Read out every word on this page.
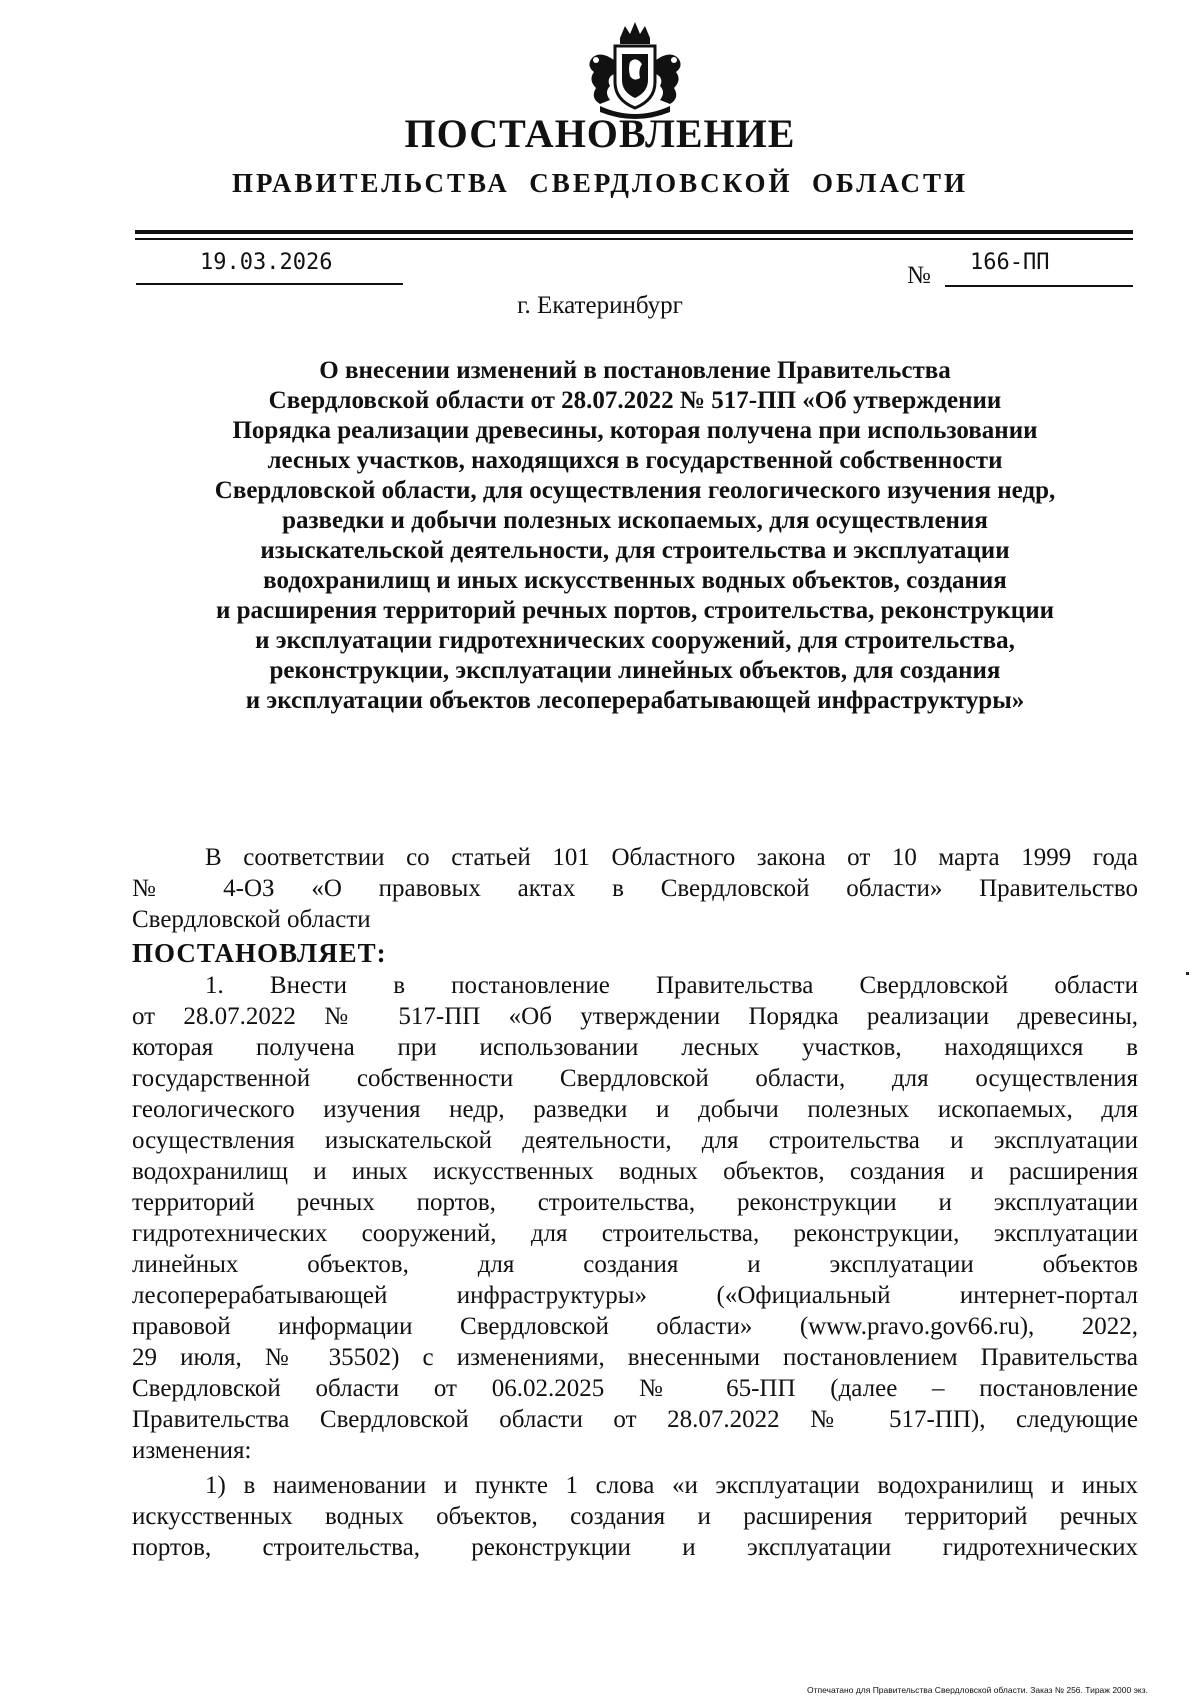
ПОСТАНОВЛЕНИЕ
ПРАВИТЕЛЬСТВА  СВЕРДЛОВСКОЙ  ОБЛАСТИ
19.03.2026	№ 166-ПП
г. Екатеринбург
О внесении изменений в постановление Правительства
Свердловской области от 28.07.2022 № 517-ПП «Об утверждении
Порядка реализации древесины, которая получена при использовании
лесных участков, находящихся в государственной собственности
Свердловской области, для осуществления геологического изучения недр,
разведки и добычи полезных ископаемых, для осуществления
изыскательской деятельности, для строительства и эксплуатации
водохранилищ и иных искусственных водных объектов, создания
и расширения территорий речных портов, строительства, реконструкции
и эксплуатации гидротехнических сооружений, для строительства,
реконструкции, эксплуатации линейных объектов, для создания
и эксплуатации объектов лесоперерабатывающей инфраструктуры»
В соответствии со статьей 101 Областного закона от 10 марта 1999 года
№ 4-ОЗ «О правовых актах в Свердловской области» Правительство
Свердловской области
ПОСТАНОВЛЯЕТ:
1. Внести в постановление Правительства Свердловской области
от 28.07.2022 № 517-ПП «Об утверждении Порядка реализации древесины,
которая получена при использовании лесных участков, находящихся в
государственной собственности Свердловской области, для осуществления
геологического изучения недр, разведки и добычи полезных ископаемых, для
осуществления изыскательской деятельности, для строительства и эксплуатации
водохранилищ и иных искусственных водных объектов, создания и расширения
территорий речных портов, строительства, реконструкции и эксплуатации
гидротехнических сооружений, для строительства, реконструкции, эксплуатации
линейных объектов, для создания и эксплуатации объектов
лесоперерабатывающей инфраструктуры» («Официальный интернет-портал
правовой информации Свердловской области» (www.pravo.gov66.ru), 2022,
29 июля, № 35502) с изменениями, внесенными постановлением Правительства
Свердловской области от 06.02.2025 № 65-ПП (далее – постановление
Правительства Свердловской области от 28.07.2022 № 517-ПП), следующие
изменения:
1) в наименовании и пункте 1 слова «и эксплуатации водохранилищ и иных
искусственных водных объектов, создания и расширения территорий речных
портов, строительства, реконструкции и эксплуатации гидротехнических
Отпечатано для Правительства Свердловской области. Заказ № 256. Тираж 2000 экз.
